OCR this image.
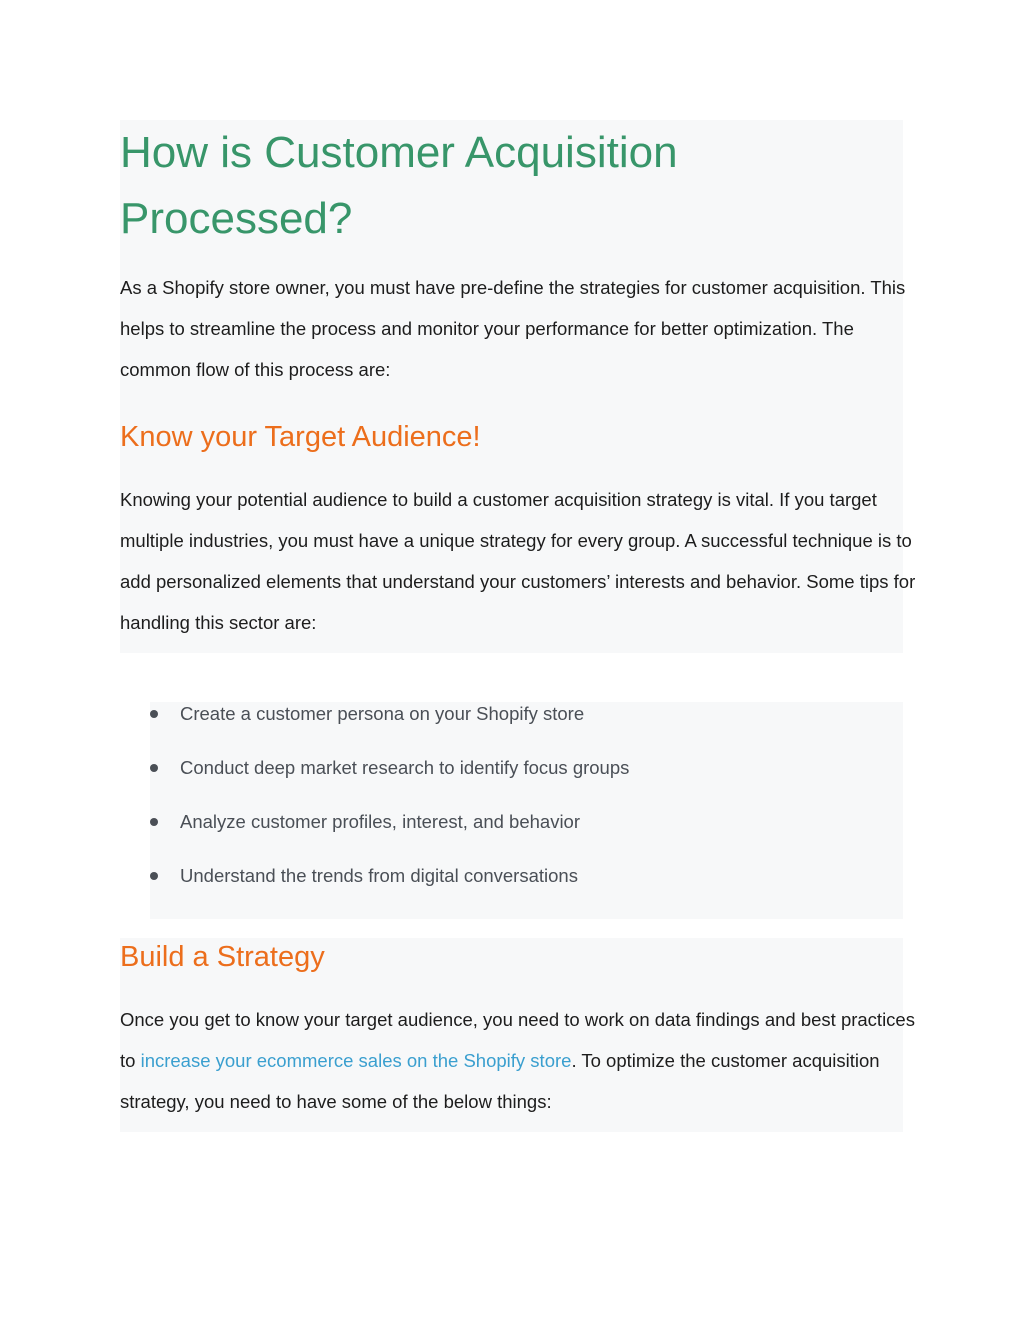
How is Customer Acquisition Processed?

As a Shopify store owner, you must have pre-define the strategies for customer acquisition. This helps to streamline the process and monitor your performance for better optimization. The common flow of this process are:

Know your Target Audience!

Knowing your potential audience to build a customer acquisition strategy is vital. If you target multiple industries, you must have a unique strategy for every group. A successful technique is to add personalized elements that understand your customers’ interests and behavior. Some tips for handling this sector are:

Create a customer persona on your Shopify store
Conduct deep market research to identify focus groups
Analyze customer profiles, interest, and behavior
Understand the trends from digital conversations
Build a Strategy

Once you get to know your target audience, you need to work on data findings and best practices to increase your ecommerce sales on the Shopify store. To optimize the customer acquisition strategy, you need to have some of the below things:
